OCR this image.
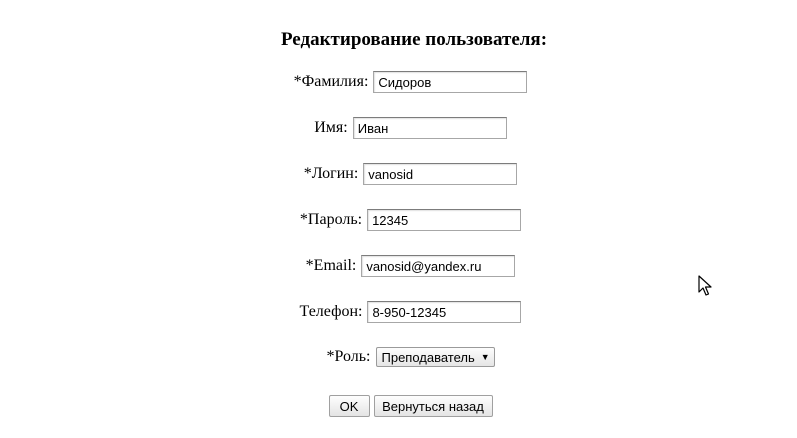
Редактирование пользователя:
*Фамилия:
Сидоров
Имя:
Иван
*Логин:
vanosid
*Пароль:
12345
*Email:
vanosid@yandex.ru
Телефон:
8-950-12345
*Роль: Преподаватель ▼
OK	Вернуться назад
